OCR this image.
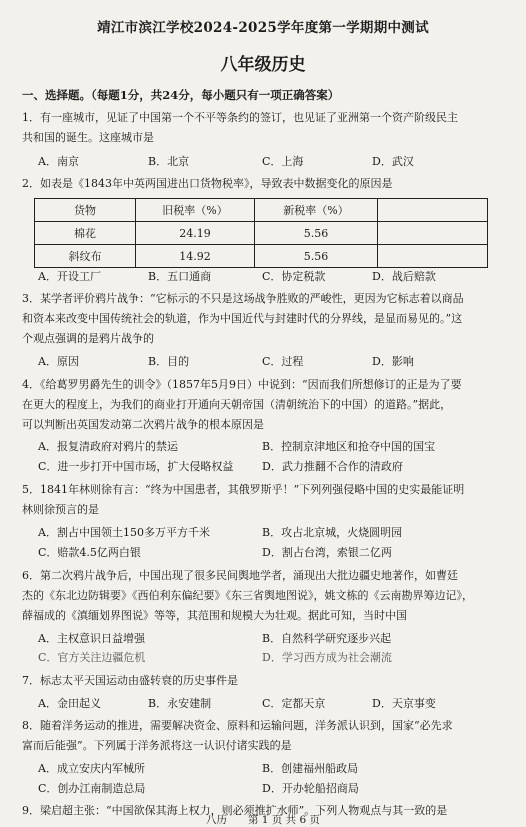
靖江市滨江学校2024-2025学年度第一学期期中测试
八年级历史
一、选择题。（每题1分，共24分，每小题只有一项正确答案）
1．有一座城市，见证了中国第一个不平等条约的签订，也见证了亚洲第一个资产阶级民主
共和国的诞生。这座城市是
A．南京	B．北京	C．上海	D．武汉
2．如表是《1843年中英两国进出口货物税率》，导致表中数据变化的原因是
货物	旧税率（%）	新税率（%）	
棉花	24.19	5.56	
斜纹布	14.92	5.56	
A．开设工厂	B．五口通商	C．协定税款	D．战后赔款
3．某学者评价鸦片战争：“它标示的不只是这场战争胜败的严峻性，更因为它标志着以商品
和资本来改变中国传统社会的轨道，作为中国近代与封建时代的分界线，是显而易见的。”这
个观点强调的是鸦片战争的
A．原因	B．目的	C．过程	D．影响
4．《给葛罗男爵先生的训令》（1857年5月9日）中说到：“因而我们所想修订的正是为了要
在更大的程度上，为我们的商业打开通向天朝帝国（清朝统治下的中国）的道路。”据此，
可以判断出英国发动第二次鸦片战争的根本原因是
A．报复清政府对鸦片的禁运	B．控制京津地区和抢夺中国的国宝
C．进一步打开中国市场，扩大侵略权益	D．武力推翻不合作的清政府
5．1841年林则徐有言：“终为中国患者，其俄罗斯乎！”下列列强侵略中国的史实最能证明
林则徐预言的是
A．割占中国领土150多万平方千米	B．攻占北京城，火烧圆明园
C．赔款4.5亿两白银	D．割占台湾，索银二亿两
6．第二次鸦片战争后，中国出现了很多民间舆地学者，涌现出大批边疆史地著作，如曹廷
杰的《东北边防辑要》《西伯利东偏纪要》《东三省舆地图说》，姚文栋的《云南勘界筹边记》，
薛福成的《滇缅划界图说》等等，其范围和规模大为壮观。据此可知，当时中国
A．主权意识日益增强	B．自然科学研究逐步兴起
C．官方关注边疆危机	D．学习西方成为社会潮流
7．标志太平天国运动由盛转衰的历史事件是
A．金田起义	B．永安建制	C．定都天京	D．天京事变
8．随着洋务运动的推进，需要解决资金、原料和运输问题，洋务派认识到，国家“必先求
富而后能强”。下列属于洋务派将这一认识付诸实践的是
A．成立安庆内军械所	B．创建福州船政局
C．创办江南制造总局	D．开办轮船招商局
9．梁启超主张：“中国欲保其海上权力，则必须推扩水师”。下列人物观点与其一致的是
八历　　第 1 页 共 6 页
